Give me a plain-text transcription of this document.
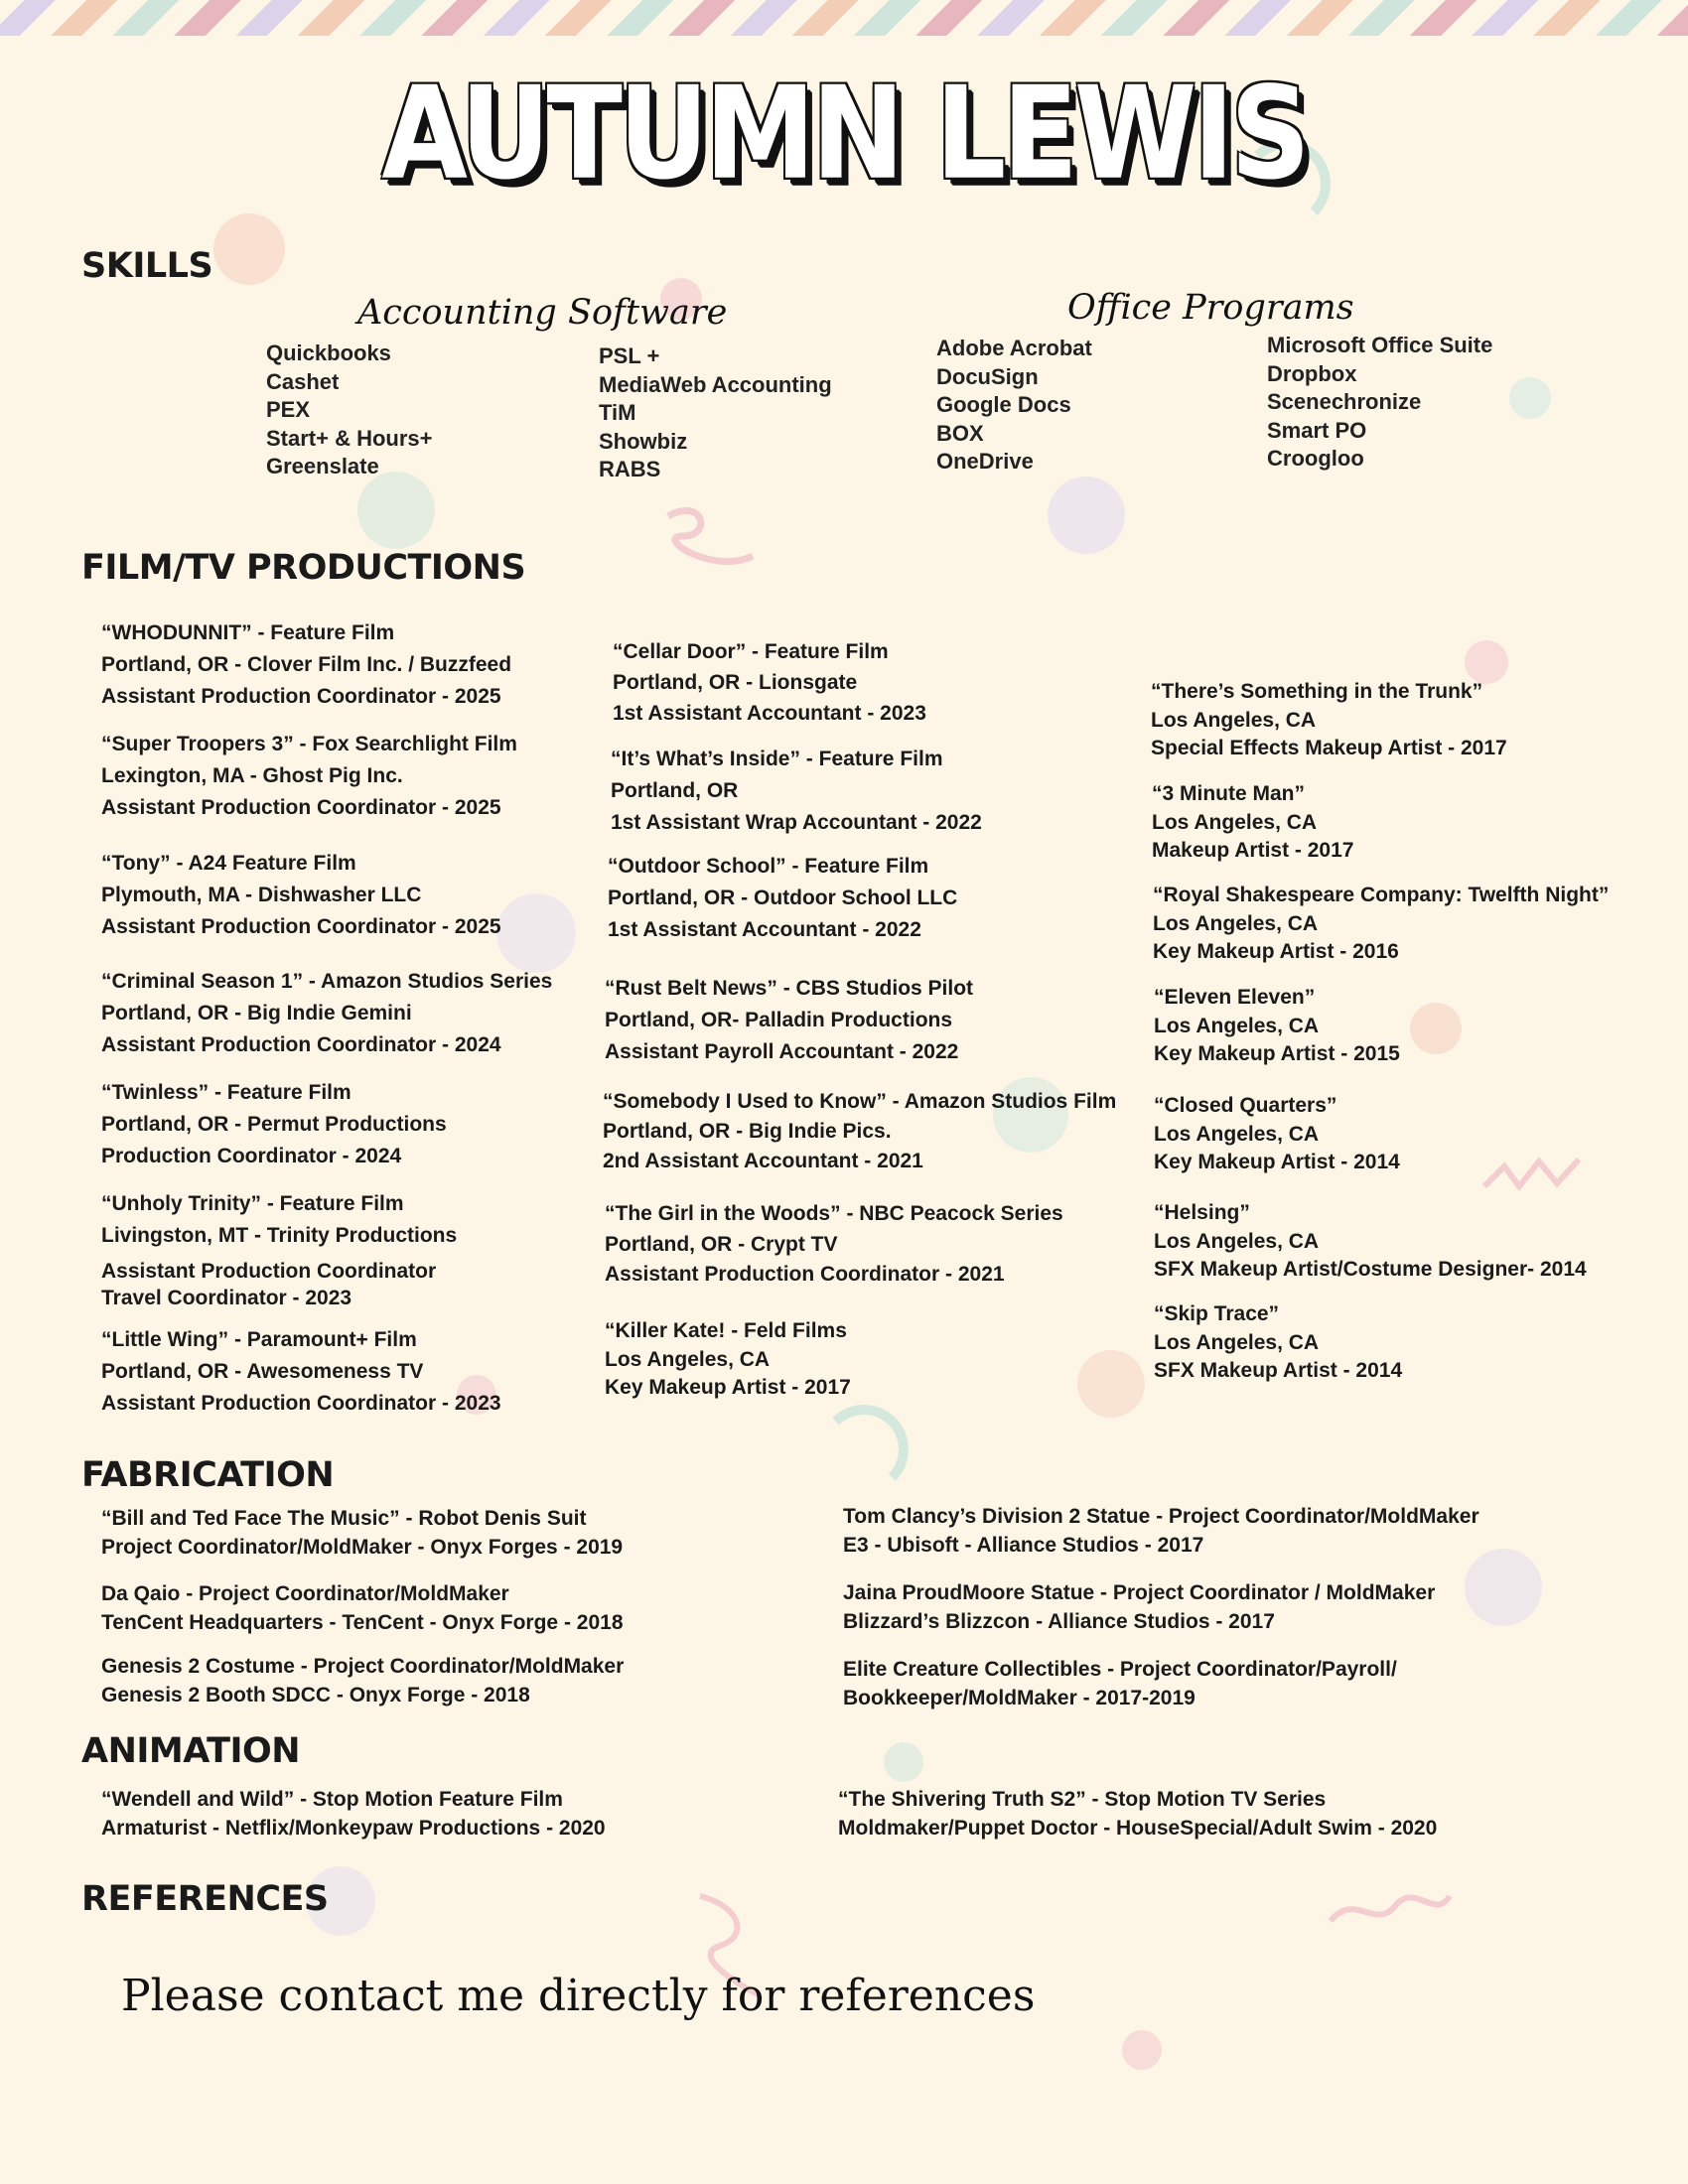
AUTUMN LEWIS
SKILLS
Accounting Software	Office Programs
Quickbooks
Cashet
PEX
Start+ & Hours+
Greenslate
PSL +
MediaWeb Accounting
TiM
Showbiz
RABS
Adobe Acrobat
DocuSign
Google Docs
BOX
OneDrive
Microsoft Office Suite
Dropbox
Scenechronize
Smart PO
Croogloo
FILM/TV PRODUCTIONS
“WHODUNNIT” - Feature Film
Portland, OR - Clover Film Inc. / Buzzfeed
Assistant Production Coordinator - 2025
“Super Troopers 3” - Fox Searchlight Film
Lexington, MA - Ghost Pig Inc.
Assistant Production Coordinator - 2025
“Tony” - A24 Feature Film
Plymouth, MA - Dishwasher LLC
Assistant Production Coordinator - 2025
“Criminal Season 1” - Amazon Studios Series
Portland, OR - Big Indie Gemini
Assistant Production Coordinator - 2024
“Twinless” - Feature Film
Portland, OR - Permut Productions
Production Coordinator - 2024
“Unholy Trinity” - Feature Film
Livingston, MT - Trinity Productions
Assistant Production Coordinator
Travel Coordinator - 2023
“Little Wing” - Paramount+ Film
Portland, OR - Awesomeness TV
Assistant Production Coordinator - 2023
“Cellar Door” - Feature Film
Portland, OR - Lionsgate
1st Assistant Accountant - 2023
“It’s What’s Inside” - Feature Film
Portland, OR
1st Assistant Wrap Accountant - 2022
“Outdoor School” - Feature Film
Portland, OR - Outdoor School LLC
1st Assistant Accountant - 2022
“Rust Belt News” - CBS Studios Pilot
Portland, OR- Palladin Productions
Assistant Payroll Accountant - 2022
“Somebody I Used to Know” - Amazon Studios Film
Portland, OR - Big Indie Pics.
2nd Assistant Accountant - 2021
“The Girl in the Woods” - NBC Peacock Series
Portland, OR - Crypt TV
Assistant Production Coordinator - 2021
“Killer Kate! - Feld Films
Los Angeles, CA
Key Makeup Artist - 2017
“There’s Something in the Trunk”
Los Angeles, CA
Special Effects Makeup Artist - 2017
“3 Minute Man”
Los Angeles, CA
Makeup Artist - 2017
“Royal Shakespeare Company: Twelfth Night”
Los Angeles, CA
Key Makeup Artist - 2016
“Eleven Eleven”
Los Angeles, CA
Key Makeup Artist - 2015
“Closed Quarters”
Los Angeles, CA
Key Makeup Artist - 2014
“Helsing”
Los Angeles, CA
SFX Makeup Artist/Costume Designer- 2014
“Skip Trace”
Los Angeles, CA
SFX Makeup Artist - 2014
FABRICATION
“Bill and Ted Face The Music” - Robot Denis Suit
Project Coordinator/MoldMaker - Onyx Forges - 2019
Da Qaio - Project Coordinator/MoldMaker
TenCent Headquarters - TenCent - Onyx Forge - 2018
Genesis 2 Costume - Project Coordinator/MoldMaker
Genesis 2 Booth SDCC - Onyx Forge - 2018
Tom Clancy’s Division 2 Statue - Project Coordinator/MoldMaker
E3 - Ubisoft - Alliance Studios - 2017
Jaina ProudMoore Statue - Project Coordinator / MoldMaker
Blizzard’s Blizzcon - Alliance Studios - 2017
Elite Creature Collectibles - Project Coordinator/Payroll/
Bookkeeper/MoldMaker - 2017-2019
ANIMATION
“Wendell and Wild” - Stop Motion Feature Film
Armaturist - Netflix/Monkeypaw Productions - 2020
“The Shivering Truth S2” - Stop Motion TV Series
Moldmaker/Puppet Doctor - HouseSpecial/Adult Swim - 2020
REFERENCES
Please contact me directly for references
